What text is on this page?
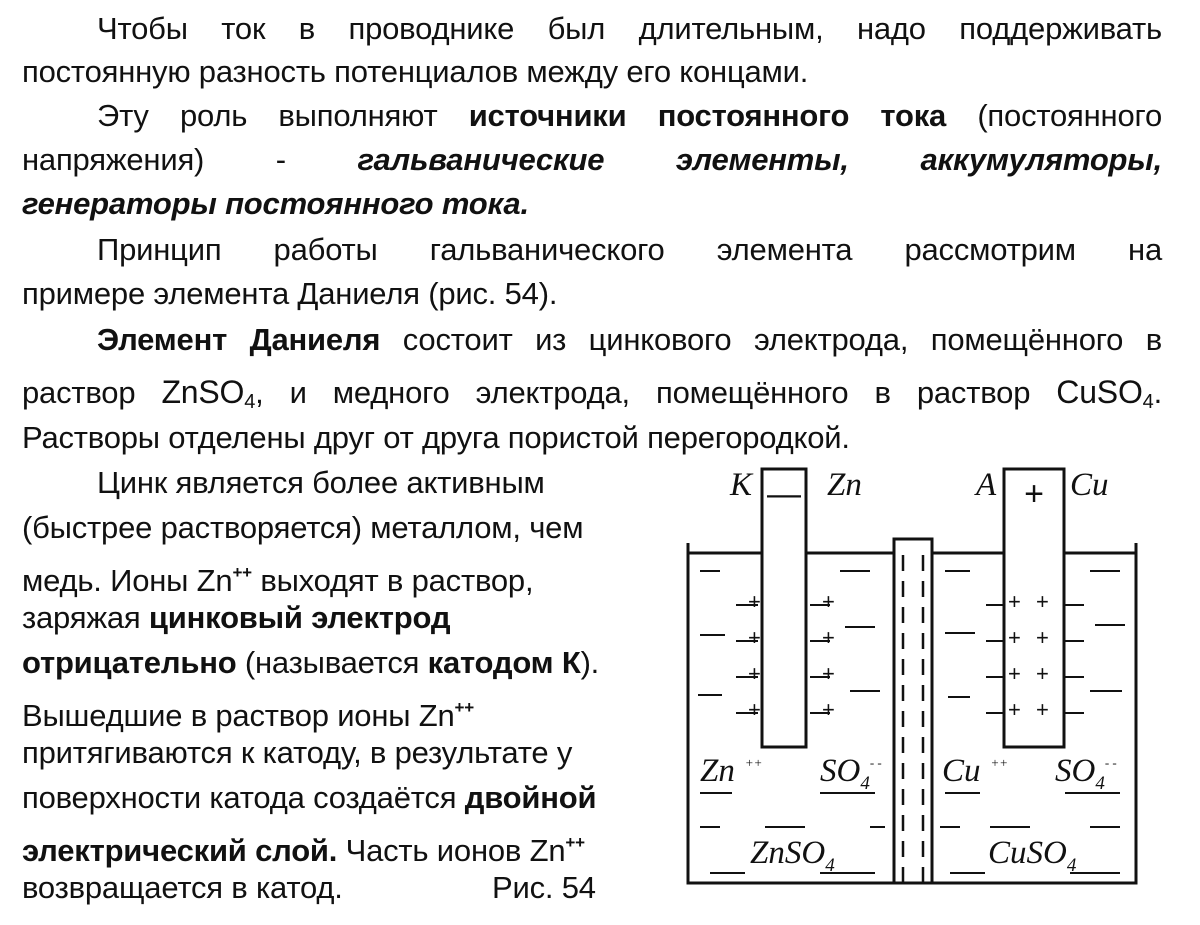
Чтобы ток в проводнике был длительным, надо поддерживать

постоянную разность потенциалов между его концами.

Эту роль выполняют источники постоянного тока (постоянного

напряжения) - гальванические элементы, аккумуляторы,

генераторы постоянного тока.

Принцип работы гальванического элемента рассмотрим на

примере элемента Даниеля (рис. 54).

Элемент Даниеля состоит из цинкового электрода, помещённого в

раствор ZnSO$_4$, и медного электрода, помещённого в раствор CuSO$_4$.

Растворы отделены друг от друга пористой перегородкой.

Цинк является более активным

(быстрее растворяется) металлом, чем

медь. Ионы Zn++ выходят в раствор,

заряжая цинковый электрод

отрицательно (называется катодом К).

Вышедшие в раствор ионы Zn++

притягиваются к катоду, в результате у

поверхности катода создаётся двойной

электрический слой. Часть ионов Zn++

возвращается в катод.	Рис. 54

—	+
K Zn	A Cu
Zn ++ $SO_4^{- -}$ Cu ++ $SO_4^{- -}$
ZnSO$_4$	CuSO$_4$
+
+
+
+
+
+
+
+
+ +
+ +
+ +
+ +
